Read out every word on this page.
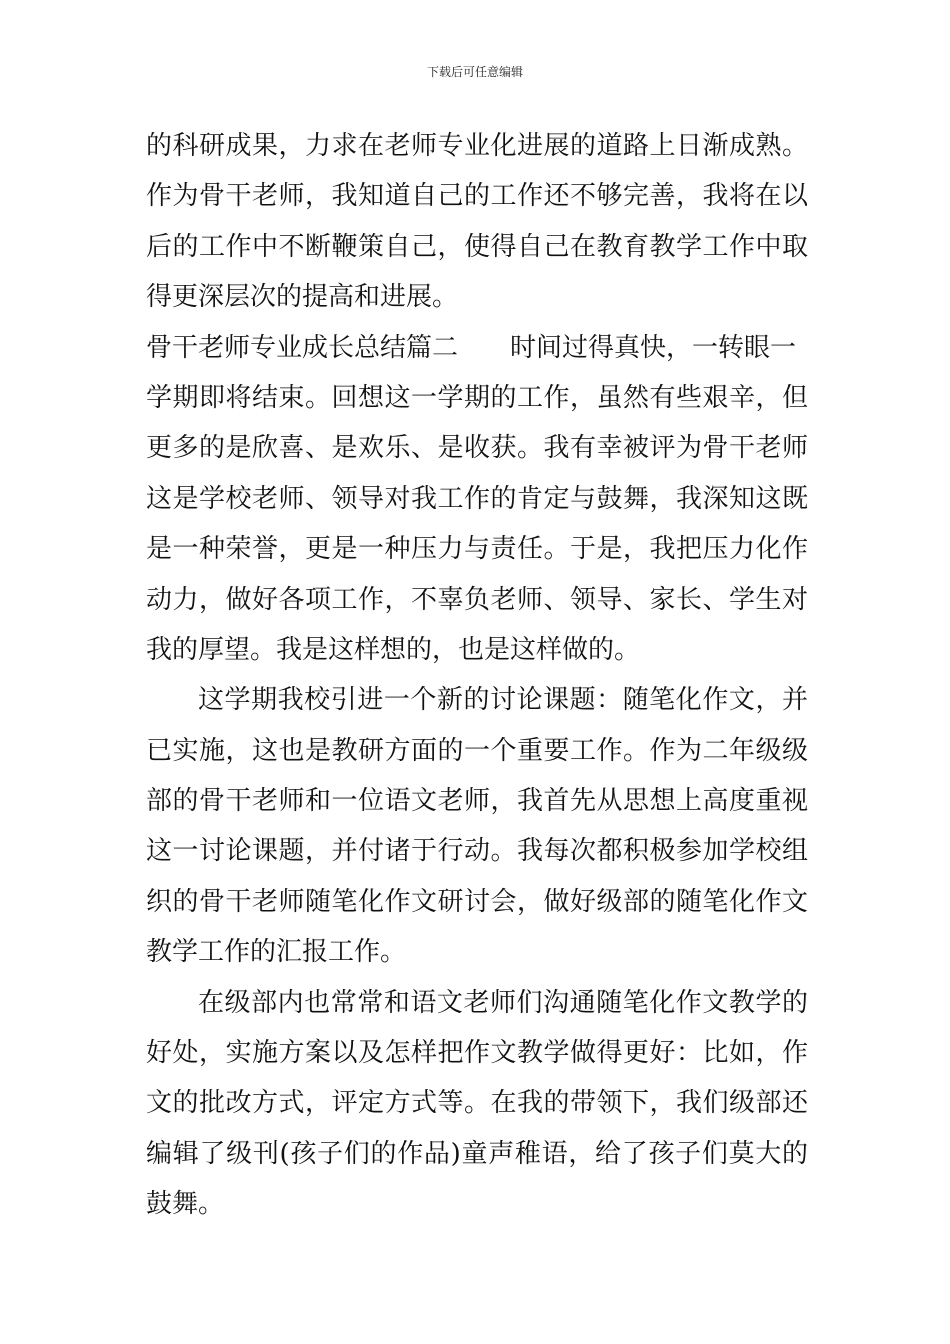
下载后可任意编辑
的科研成果，力求在老师专业化进展的道路上日渐成熟。
作为骨干老师，我知道自己的工作还不够完善，我将在以
后的工作中不断鞭策自己，使得自己在教育教学工作中取
得更深层次的提高和进展。
骨干老师专业成长总结篇二 时间过得真快，一转眼一
学期即将结束。回想这一学期的工作，虽然有些艰辛，但
更多的是欣喜、是欢乐、是收获。我有幸被评为骨干老师
这是学校老师、领导对我工作的肯定与鼓舞，我深知这既
是一种荣誉，更是一种压力与责任。于是，我把压力化作
动力，做好各项工作，不辜负老师、领导、家长、学生对
我的厚望。我是这样想的，也是这样做的。
这学期我校引进一个新的讨论课题：随笔化作文，并
已实施，这也是教研方面的一个重要工作。作为二年级级
部的骨干老师和一位语文老师，我首先从思想上高度重视
这一讨论课题，并付诸于行动。我每次都积极参加学校组
织的骨干老师随笔化作文研讨会，做好级部的随笔化作文
教学工作的汇报工作。
在级部内也常常和语文老师们沟通随笔化作文教学的
好处，实施方案以及怎样把作文教学做得更好：比如，作
文的批改方式，评定方式等。在我的带领下，我们级部还
编辑了级刊(孩子们的作品)童声稚语，给了孩子们莫大的
鼓舞。
